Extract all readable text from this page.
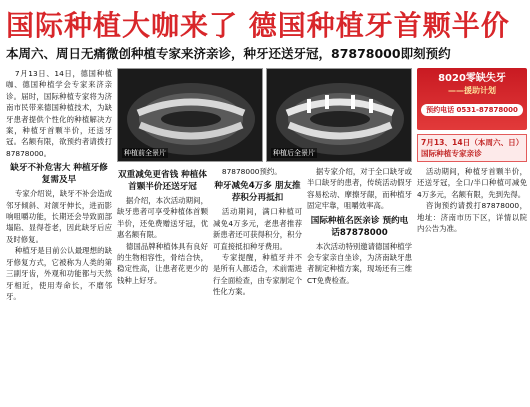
国际种植大咖来了 德国种植牙首颗半价
本周六、周日无痛微创种植专家来济亲诊，种牙还送牙冠，87878000即刻预约

7月13日、14日，德国种植咖、德国种植学会专家来济亲诊。届时，国际种植专家将为济南市民带来德国种植技术，为缺牙患者提供个性化的种植解决方案，种植牙首颗半价，还送牙冠。名额有限，欲预约者请拨打87878000。

缺牙不补危害大 种植牙修复需及早

专家介绍说，缺牙不补会造成邻牙倾斜、对颌牙伸长，进而影响咀嚼功能，长期还会导致面部塌陷、显得苍老，因此缺牙后应及时修复。

种植牙是目前公认最理想的缺牙修复方式，它被称为人类的第三副牙齿，外观和功能都与天然牙相近，使用寿命长，不磨邻牙。

种植前全景片	种植后全景片
8020零缺失牙
——援助计划
预约电话 0531-87878000
双重减免更省钱 种植体首颗半价还送牙冠

据介绍，本次活动期间，缺牙患者可享受种植体首颗半价，还免费赠送牙冠，优惠名额有限。

德国品牌种植体具有良好的生物相容性，骨结合快，稳定性高，让患者花更少的钱种上好牙。

87878000预约。

种牙减免4万多 朋友推荐积分再抵扣

活动期间，满口种植可减免4万多元，老患者推荐新患者还可获得积分，积分可直接抵扣种牙费用。

专家提醒，种植牙并不是所有人都适合，术前需进行全面检查，由专家制定个性化方案。

据专家介绍，对于全口缺牙或半口缺牙的患者，传统活动假牙容易松动、摩擦牙龈，而种植牙固定牢靠，咀嚼效率高。

国际种植名医亲诊 预约电话87878000

本次活动特别邀请德国种植学会专家亲自坐诊，为济南缺牙患者制定种植方案，现场还有三维CT免费检查。

7月13、14日（本周六、日）
国际种植专家亲诊

活动期间，种植牙首颗半价，还送牙冠，全口/半口种植可减免4万多元，名额有限，先到先得。

咨询预约请拨打87878000，地址：济南市历下区，详情以院内公告为准。
